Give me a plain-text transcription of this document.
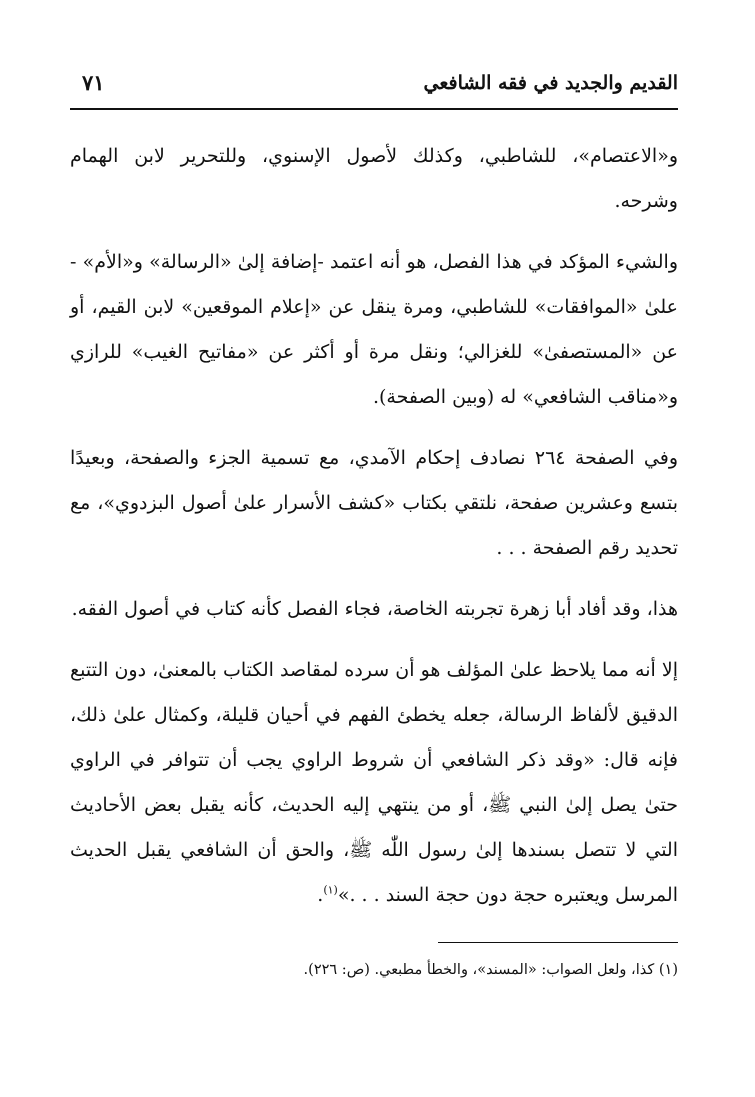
القديم والجديد في فقه الشافعي
٧١

و«الاعتصام»، للشاطبي، وكذلك لأصول الإسنوي، وللتحرير لابن الهمام وشرحه.

والشيء المؤكد في هذا الفصل، هو أنه اعتمد -إضافة إلىٰ «الرسالة» و«الأم» - علىٰ «الموافقات» للشاطبي، ومرة ينقل عن «إعلام الموقعين» لابن القيم، أو عن «المستصفىٰ» للغزالي؛ ونقل مرة أو أكثر عن «مفاتيح الغيب» للرازي و«مناقب الشافعي» له (وبين الصفحة).

وفي الصفحة ٢٦٤ نصادف إحكام الآمدي، مع تسمية الجزء والصفحة، وبعيدًا بتسع وعشرين صفحة، نلتقي بكتاب «كشف الأسرار علىٰ أصول البزدوي»، مع تحديد رقم الصفحة . . .

هذا، وقد أفاد أبا زهرة تجربته الخاصة، فجاء الفصل كأنه كتاب في أصول الفقه.

إلا أنه مما يلاحظ علىٰ المؤلف هو أن سرده لمقاصد الكتاب بالمعنىٰ، دون التتبع الدقيق لألفاظ الرسالة، جعله يخطئ الفهم في أحيان قليلة، وكمثال علىٰ ذلك، فإنه قال: «وقد ذكر الشافعي أن شروط الراوي يجب أن تتوافر في الراوي حتىٰ يصل إلىٰ النبي ﷺ، أو من ينتهي إليه الحديث، كأنه يقبل بعض الأحاديث التي لا تتصل بسندها إلىٰ رسول اللّٰه ﷺ، والحق أن الشافعي يقبل الحديث المرسل ويعتبره حجة دون حجة السند . . .»$^{(١)}$.

(١) كذا، ولعل الصواب: «المسند»، والخطأ مطبعي. (ص: ٢٢٦).
